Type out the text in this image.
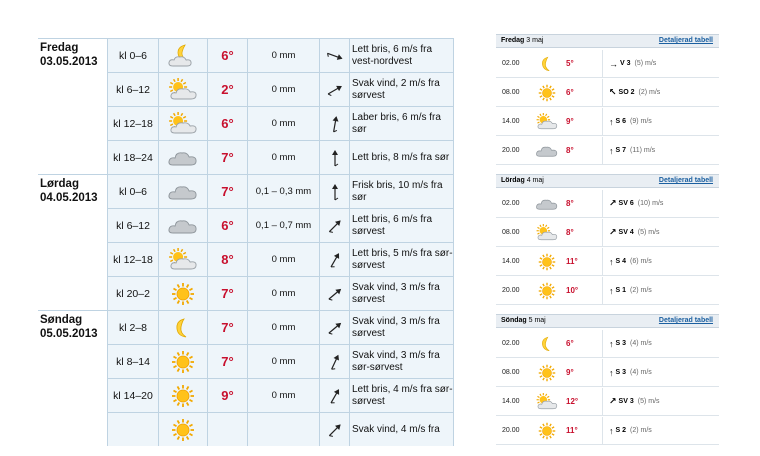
Fredag
03.05.2013
kl 0–6	6°	0 mm
Lett bris, 6 m/s fra vest-nordvest
kl 6–12	2°	0 mm
Svak vind, 2 m/s fra sørvest
kl 12–18	6°	0 mm
Laber bris, 6 m/s fra sør
kl 18–24	7°	0 mm	Lett bris, 8 m/s fra sør
Lørdag
04.05.2013
kl 0–6	7°	0,1 – 0,3 mm
Frisk bris, 10 m/s fra sør
kl 6–12	6°	0,1 – 0,7 mm
Lett bris, 6 m/s fra sørvest
kl 12–18	8°	0 mm
Lett bris, 5 m/s fra sør-sørvest
kl 20–2	7°	0 mm
Svak vind, 3 m/s fra sørvest
Søndag
05.05.2013
kl 2–8	7°	0 mm
Svak vind, 3 m/s fra sørvest
kl 8–14	7°	0 mm
Svak vind, 3 m/s fra sør-sørvest
kl 14–20	9°	0 mm
Lett bris, 4 m/s fra sør-sørvest
Svak vind, 4 m/s fra
Fredag 3 maj	Detaljerad tabell
02.00	5°	→ V 3 (5) m/s
08.00	6°	↖ SO 2 (2) m/s
14.00	9°	↑ S 6 (9) m/s
20.00	8°	↑ S 7 (11) m/s
Lördag 4 maj	Detaljerad tabell
02.00	8°	↗ SV 6 (10) m/s
08.00	8°	↗ SV 4 (5) m/s
14.00	11°	↑ S 4 (6) m/s
20.00	10°	↑ S 1 (2) m/s
Söndag 5 maj	Detaljerad tabell
02.00	6°	↑ S 3 (4) m/s
08.00	9°	↑ S 3 (4) m/s
14.00	12°	↗ SV 3 (5) m/s
20.00	11°	↑ S 2 (2) m/s
